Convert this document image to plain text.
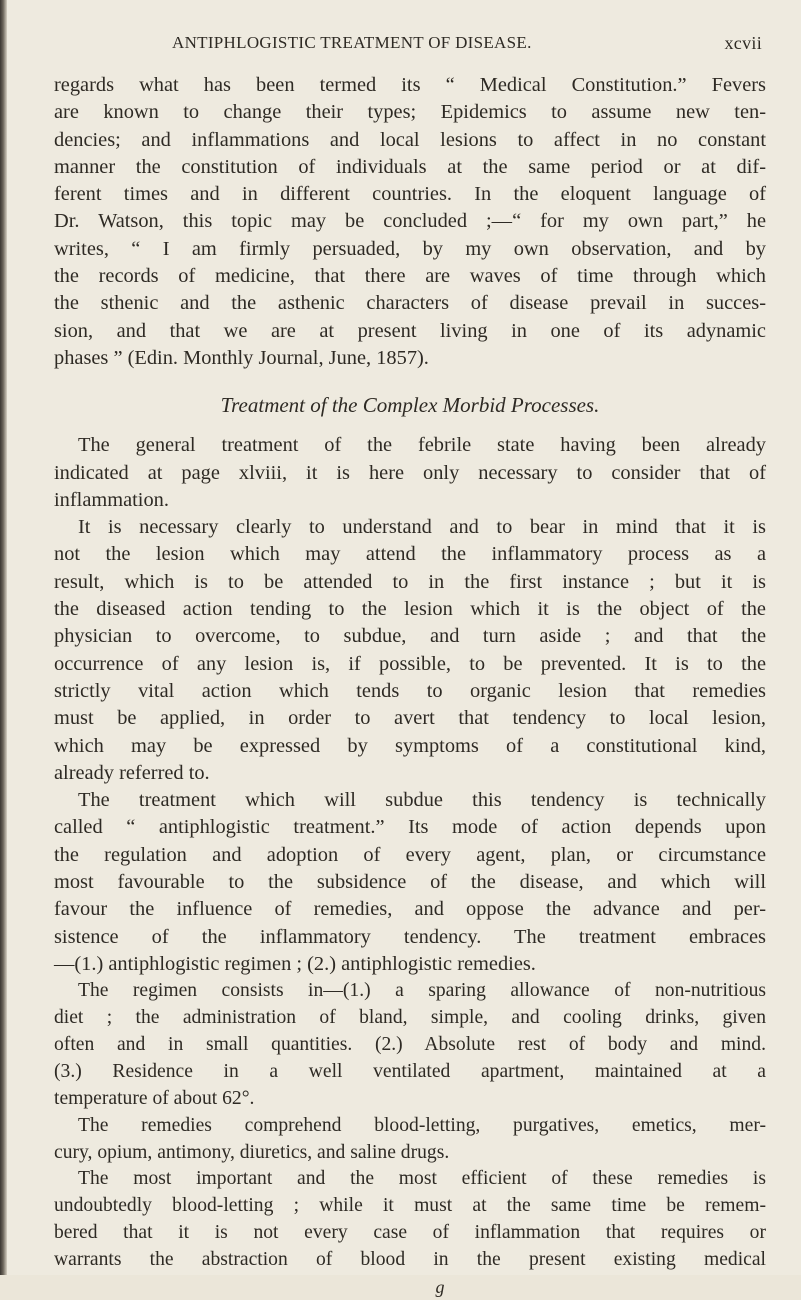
ANTIPHLOGISTIC TREATMENT OF DISEASE.	xcvii
regards what has been termed its “ Medical Constitution.” Fevers
are known to change their types; Epidemics to assume new ten-
dencies; and inflammations and local lesions to affect in no constant
manner the constitution of individuals at the same period or at dif-
ferent times and in different countries. In the eloquent language of
Dr. Watson, this topic may be concluded ;—“ for my own part,” he
writes, “ I am firmly persuaded, by my own observation, and by
the records of medicine, that there are waves of time through which
the sthenic and the asthenic characters of disease prevail in succes-
sion, and that we are at present living in one of its adynamic
phases ” (Edin. Monthly Journal, June, 1857).
Treatment of the Complex Morbid Processes.
The general treatment of the febrile state having been already
indicated at page xlviii, it is here only necessary to consider that of
inflammation.
It is necessary clearly to understand and to bear in mind that it is
not the lesion which may attend the inflammatory process as a
result, which is to be attended to in the first instance ; but it is
the diseased action tending to the lesion which it is the object of the
physician to overcome, to subdue, and turn aside ; and that the
occurrence of any lesion is, if possible, to be prevented. It is to the
strictly vital action which tends to organic lesion that remedies
must be applied, in order to avert that tendency to local lesion,
which may be expressed by symptoms of a constitutional kind,
already referred to.
The treatment which will subdue this tendency is technically
called “ antiphlogistic treatment.” Its mode of action depends upon
the regulation and adoption of every agent, plan, or circumstance
most favourable to the subsidence of the disease, and which will
favour the influence of remedies, and oppose the advance and per-
sistence of the inflammatory tendency. The treatment embraces
—(1.) antiphlogistic regimen ; (2.) antiphlogistic remedies.
The regimen consists in—(1.) a sparing allowance of non-nutritious
diet ; the administration of bland, simple, and cooling drinks, given
often and in small quantities. (2.) Absolute rest of body and mind.
(3.) Residence in a well ventilated apartment, maintained at a
temperature of about 62°.
The remedies comprehend blood-letting, purgatives, emetics, mer-
cury, opium, antimony, diuretics, and saline drugs.
The most important and the most efficient of these remedies is
undoubtedly blood-letting ; while it must at the same time be remem-
bered that it is not every case of inflammation that requires or
warrants the abstraction of blood in the present existing medical
g
